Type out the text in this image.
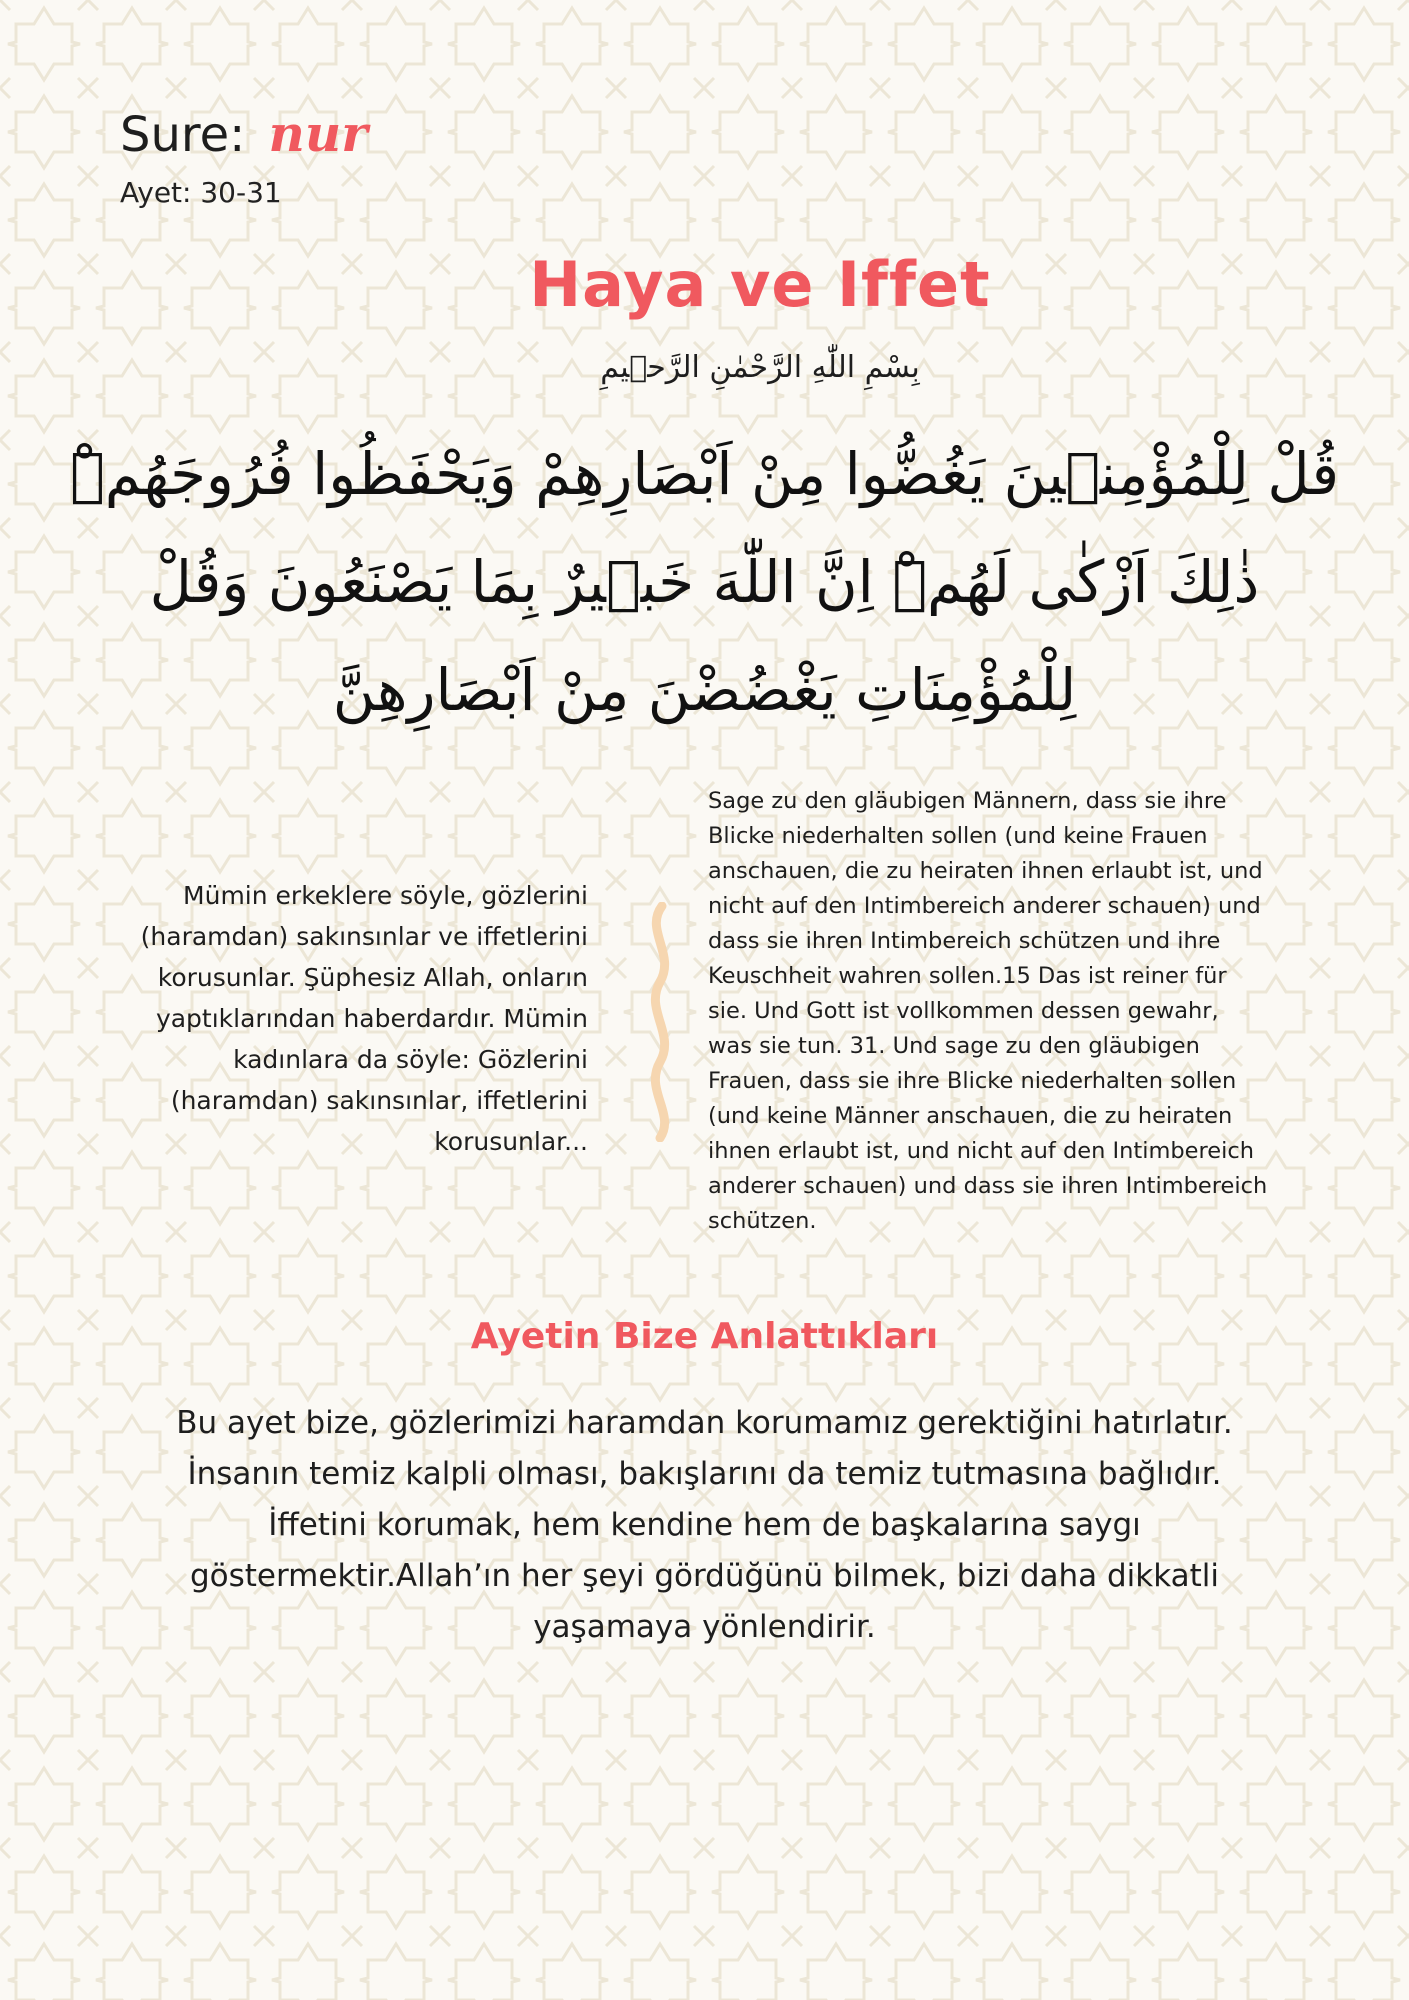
Sure: nur
Ayet: 30-31
Haya ve Iffet
بِسْمِ اللّٰهِ الرَّحْمٰنِ الرَّح۪يمِ
قُلْ لِلْمُؤْمِن۪ينَ يَغُضُّوا مِنْ اَبْصَارِهِمْ وَيَحْفَظُوا فُرُوجَهُمْۜ ذٰلِكَ اَزْكٰى لَهُمْۜ اِنَّ اللّٰهَ خَب۪يرٌ بِمَا يَصْنَعُونَ وَقُلْ لِلْمُؤْمِنَاتِ يَغْضُضْنَ مِنْ اَبْصَارِهِنَّ
Mümin erkeklere söyle, gözlerini (haramdan) sakınsınlar ve iffetlerini korusunlar. Şüphesiz Allah, onların yaptıklarından haberdardır. Mümin kadınlara da söyle: Gözlerini (haramdan) sakınsınlar, iffetlerini korusunlar...
Sage zu den gläubigen Männern, dass sie ihre Blicke niederhalten sollen (und keine Frauen anschauen, die zu heiraten ihnen erlaubt ist, und nicht auf den Intimbereich anderer schauen) und dass sie ihren Intimbereich schützen und ihre Keuschheit wahren sollen.15 Das ist reiner für sie. Und Gott ist vollkommen dessen gewahr, was sie tun. 31. Und sage zu den gläubigen Frauen, dass sie ihre Blicke niederhalten sollen (und keine Männer anschauen, die zu heiraten ihnen erlaubt ist, und nicht auf den Intimbereich anderer schauen) und dass sie ihren Intimbereich schützen.
Ayetin Bize Anlattıkları
Bu ayet bize, gözlerimizi haramdan korumamız gerektiğini hatırlatır. İnsanın temiz kalpli olması, bakışlarını da temiz tutmasına bağlıdır. İffetini korumak, hem kendine hem de başkalarına saygı göstermektir.Allah’ın her şeyi gördüğünü bilmek, bizi daha dikkatli yaşamaya yönlendirir.
